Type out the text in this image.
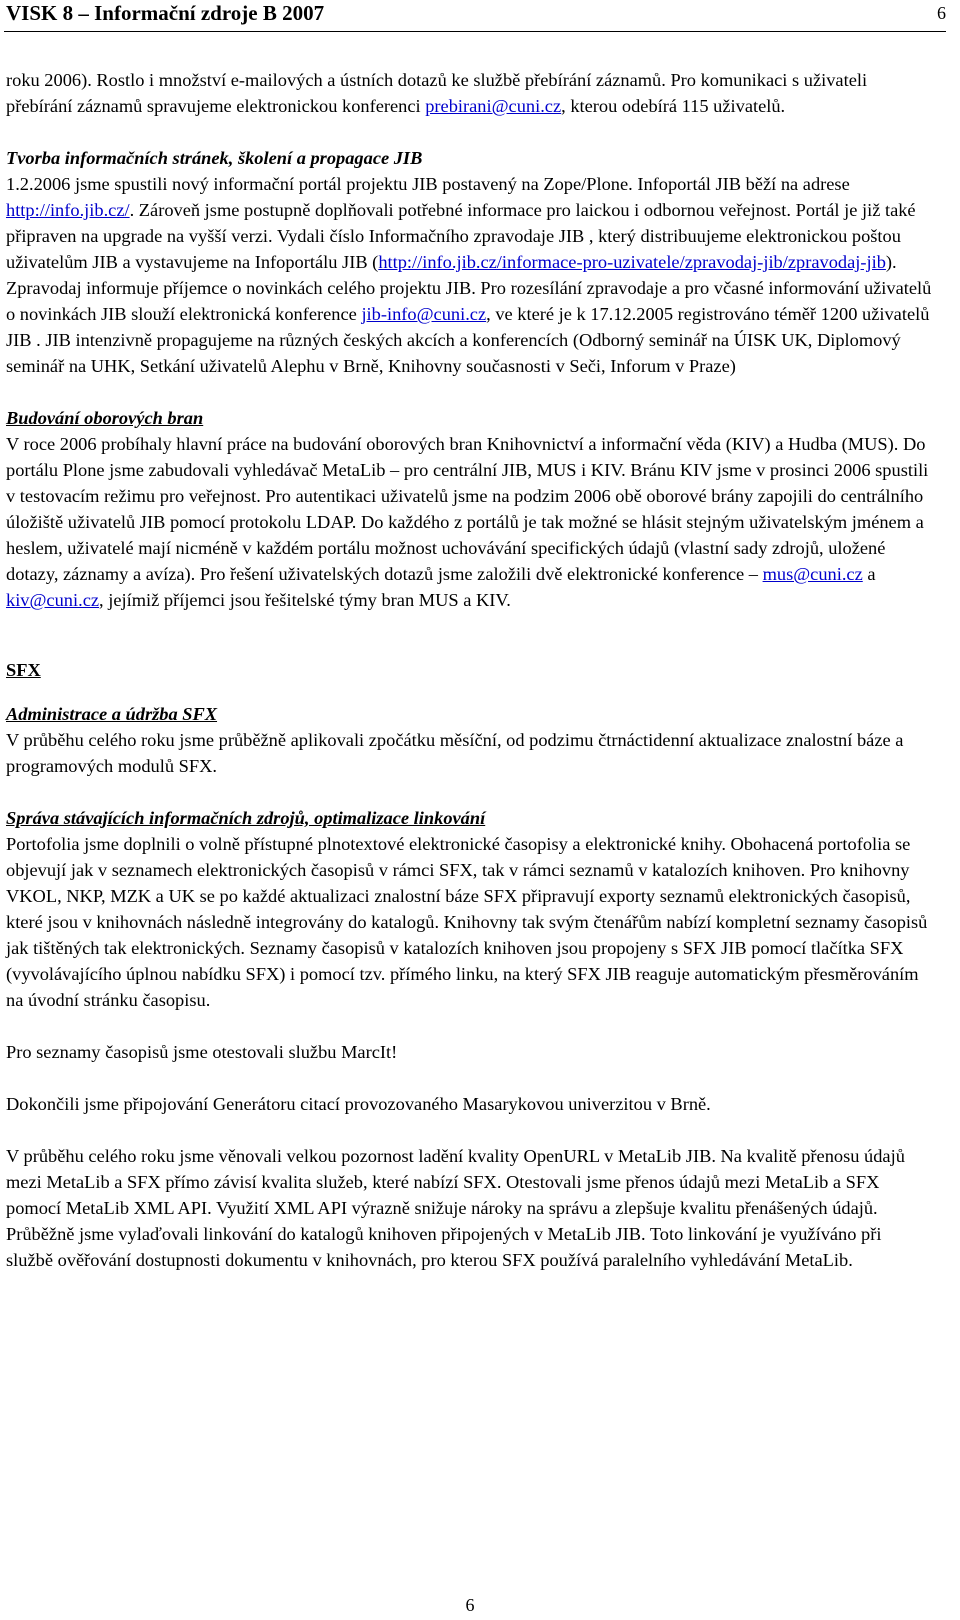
VISK 8 – Informační zdroje B 2007	6

roku 2006). Rostlo i množství e-mailových a ústních dotazů ke službě přebírání záznamů. Pro komunikaci s uživateli přebírání záznamů spravujeme elektronickou konferenci prebirani@cuni.cz, kterou odebírá 115 uživatelů.

Tvorba informačních stránek, školení a propagace JIB

1.2.2006 jsme spustili nový informační portál projektu JIB postavený na Zope/Plone. Infoportál JIB běží na adrese http://info.jib.cz/. Zároveň jsme postupně doplňovali potřebné informace pro laickou i odbornou veřejnost. Portál je již také připraven na upgrade na vyšší verzi. Vydali číslo Informačního zpravodaje JIB , který distribuujeme elektronickou poštou uživatelům JIB a vystavujeme na Infoportálu JIB (http://info.jib.cz/informace-pro-uzivatele/zpravodaj-jib/zpravodaj-jib). Zpravodaj informuje příjemce o novinkách celého projektu JIB. Pro rozesílání zpravodaje a pro včasné informování uživatelů o novinkách JIB slouží elektronická konference jib-info@cuni.cz, ve které je k 17.12.2005 registrováno téměř 1200 uživatelů JIB . JIB intenzivně propagujeme na různých českých akcích a konferencích (Odborný seminář na ÚISK UK, Diplomový seminář na UHK, Setkání uživatelů Alephu v Brně, Knihovny současnosti v Seči, Inforum v Praze)

Budování oborových bran

V roce 2006 probíhaly hlavní práce na budování oborových bran Knihovnictví a informační věda (KIV) a Hudba (MUS). Do portálu Plone jsme zabudovali vyhledávač MetaLib – pro centrální JIB, MUS i KIV. Bránu KIV jsme v prosinci 2006 spustili v testovacím režimu pro veřejnost. Pro autentikaci uživatelů jsme na podzim 2006 obě oborové brány zapojili do centrálního úložiště uživatelů JIB pomocí protokolu LDAP. Do každého z portálů je tak možné se hlásit stejným uživatelským jménem a heslem, uživatelé mají nicméně v každém portálu možnost uchovávání specifických údajů (vlastní sady zdrojů, uložené dotazy, záznamy a avíza). Pro řešení uživatelských dotazů jsme založili dvě elektronické konference – mus@cuni.cz a kiv@cuni.cz, jejímiž příjemci jsou řešitelské týmy bran MUS a KIV.

SFX

Administrace a údržba SFX

V průběhu celého roku jsme průběžně aplikovali zpočátku měsíční, od podzimu čtrnáctidenní aktualizace znalostní báze a programových modulů SFX.

Správa stávajících informačních zdrojů, optimalizace linkování

Portofolia jsme doplnili o volně přístupné plnotextové elektronické časopisy a elektronické knihy. Obohacená portofolia se objevují jak v seznamech elektronických časopisů v rámci SFX, tak v rámci seznamů v katalozích knihoven. Pro knihovny VKOL, NKP, MZK a UK se po každé aktualizaci znalostní báze SFX připravují exporty seznamů elektronických časopisů, které jsou v knihovnách následně integrovány do katalogů. Knihovny tak svým čtenářům nabízí kompletní seznamy časopisů jak tištěných tak elektronických. Seznamy časopisů v katalozích knihoven jsou propojeny s SFX JIB pomocí tlačítka SFX (vyvolávajícího úplnou nabídku SFX) i pomocí tzv. přímého linku, na který SFX JIB reaguje automatickým přesměrováním na úvodní stránku časopisu.

Pro seznamy časopisů jsme otestovali službu MarcIt!

Dokončili jsme připojování Generátoru citací provozovaného Masarykovou univerzitou v Brně.

V průběhu celého roku jsme věnovali velkou pozornost ladění kvality OpenURL v MetaLib JIB. Na kvalitě přenosu údajů mezi MetaLib a SFX přímo závisí kvalita služeb, které nabízí SFX. Otestovali jsme přenos údajů mezi MetaLib a SFX pomocí MetaLib XML API. Využití XML API výrazně snižuje nároky na správu a zlepšuje kvalitu přenášených údajů.

Průběžně jsme vylaďovali linkování do katalogů knihoven připojených v MetaLib JIB. Toto linkování je využíváno při službě ověřování dostupnosti dokumentu v knihovnách, pro kterou SFX používá paralelního vyhledávání MetaLib.

6
